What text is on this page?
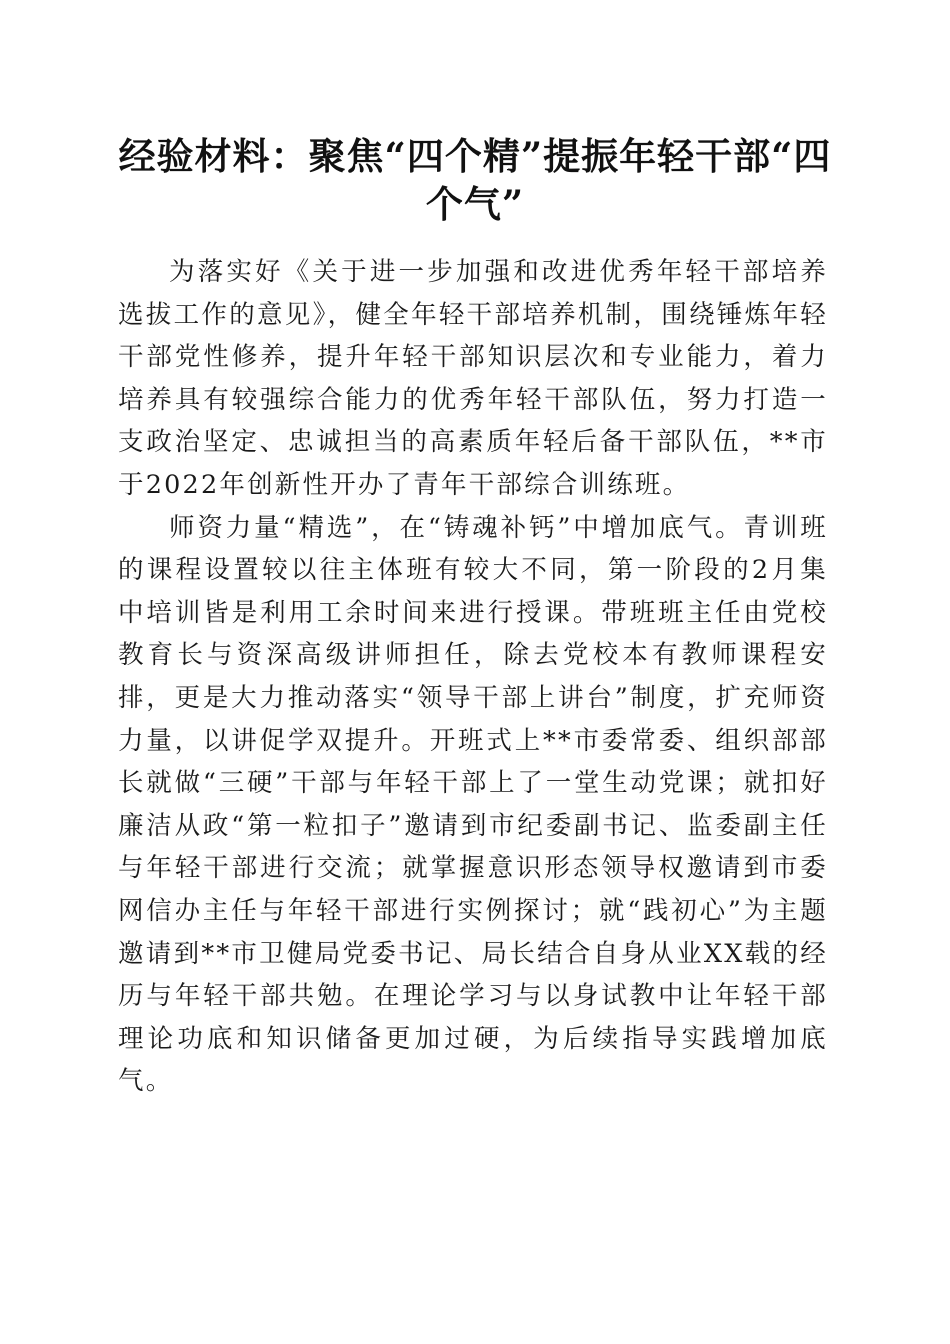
经验材料：聚焦“四个精”提振年轻干部“四个气”

为落实好《关于进一步加强和改进优秀年轻干部培养选拔工作的意见》，健全年轻干部培养机制，围绕锤炼年轻干部党性修养，提升年轻干部知识层次和专业能力，着力培养具有较强综合能力的优秀年轻干部队伍，努力打造一支政治坚定、忠诚担当的高素质年轻后备干部队伍，**市于2022年创新性开办了青年干部综合训练班。

师资力量“精选”，在“铸魂补钙”中增加底气。青训班的课程设置较以往主体班有较大不同，第一阶段的2月集中培训皆是利用工余时间来进行授课。带班班主任由党校教育长与资深高级讲师担任，除去党校本有教师课程安排，更是大力推动落实“领导干部上讲台”制度，扩充师资力量，以讲促学双提升。开班式上**市委常委、组织部部长就做“三硬”干部与年轻干部上了一堂生动党课；就扣好廉洁从政“第一粒扣子”邀请到市纪委副书记、监委副主任与年轻干部进行交流；就掌握意识形态领导权邀请到市委网信办主任与年轻干部进行实例探讨；就“践初心”为主题邀请到**市卫健局党委书记、局长结合自身从业XX载的经历与年轻干部共勉。在理论学习与以身试教中让年轻干部理论功底和知识储备更加过硬，为后续指导实践增加底气。
